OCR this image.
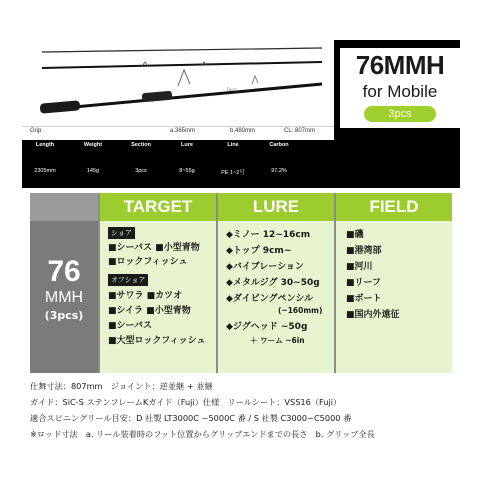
Faira
Grip	a.365mm	b.480mm	CL: 807mm
76MMH
for Mobile
3pcs
Length	Weight	Section	Lure	Line	Carbon
2305mm	145g	3pcs	8~55g	PE 1~2号	97.2%
76
MMH
(3pcs)
TARGET
ショア
■シーバス ■小型青物
■ロックフィッシュ
オフショア
■サワラ ■カツオ
■シイラ ■小型青物
■シーバス
■大型ロックフィッシュ
LURE
◆ミノー 12~16cm
◆トップ 9cm~
◆バイブレーション
◆メタルジグ 30~50g
◆ダイビングペンシル
(~160mm)
◆ジグヘッド ~50g
＋ ワーム ~6in
FIELD
■磯
■港湾部
■河川
■リーフ
■ボート
■国内外遠征
仕舞寸法：807mm　ジョイント：逆並継 + 並継
ガイド：SiC-S ステンフレームKガイド（Fuji）仕様　リールシート：VSS16（Fuji）
適合スピニングリール目安：D 社製 LT3000C ~5000C 番 / S 社製 C3000~C5000 番
※ロッド寸法　a. リール装着時のフット位置からグリップエンドまでの長さ　b. グリップ全長
